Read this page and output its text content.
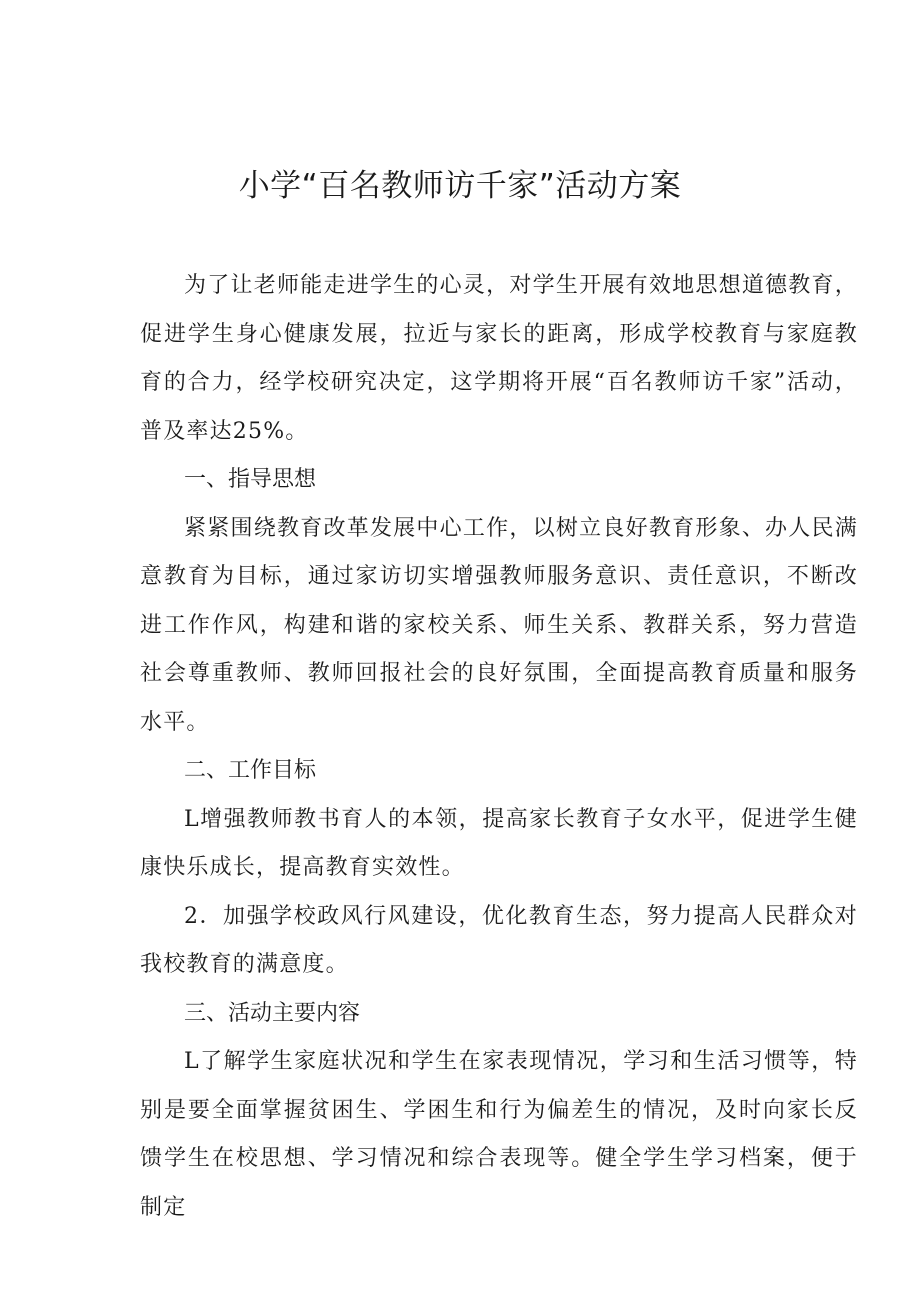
小学“百名教师访千家”活动方案

为了让老师能走进学生的心灵，对学生开展有效地思想道德教育，促进学生身心健康发展，拉近与家长的距离，形成学校教育与家庭教育的合力，经学校研究决定，这学期将开展“百名教师访千家”活动，普及率达25%。

一、指导思想

紧紧围绕教育改革发展中心工作，以树立良好教育形象、办人民满意教育为目标，通过家访切实增强教师服务意识、责任意识，不断改进工作作风，构建和谐的家校关系、师生关系、教群关系，努力营造社会尊重教师、教师回报社会的良好氛围，全面提高教育质量和服务水平。

二、工作目标

L增强教师教书育人的本领，提高家长教育子女水平，促进学生健康快乐成长，提高教育实效性。

2．加强学校政风行风建设，优化教育生态，努力提高人民群众对我校教育的满意度。

三、活动主要内容

L了解学生家庭状况和学生在家表现情况，学习和生活习惯等，特别是要全面掌握贫困生、学困生和行为偏差生的情况，及时向家长反馈学生在校思想、学习情况和综合表现等。健全学生学习档案，便于制定
